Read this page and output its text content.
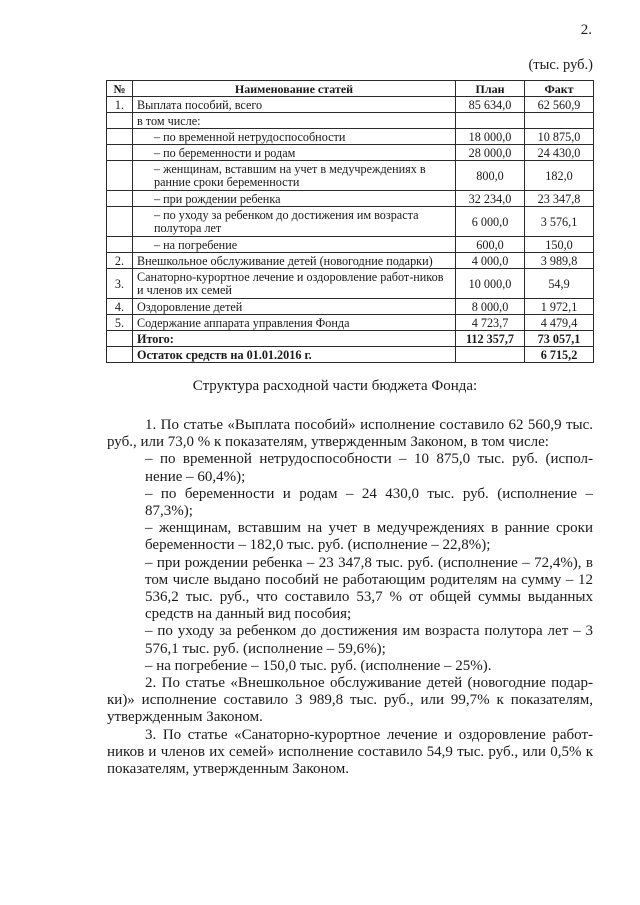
2.
(тыс. руб.)
№	Наименование статей	План	Факт
1.	Выплата пособий, всего	85 634,0	62 560,9
	в том числе:		
	– по временной нетрудоспособности	18 000,0	10 875,0
	– по беременности и родам	28 000,0	24 430,0
	– женщинам, вставшим на учет в медучреждениях в ранние сроки беременности	800,0	182,0
	– при рождении ребенка	32 234,0	23 347,8
	– по уходу за ребенком до достижения им возраста полутора лет	6 000,0	3 576,1
	– на погребение	600,0	150,0
2.	Внешкольное обслуживание детей (новогодние подарки)	4 000,0	3 989,8
3.	Санаторно-курортное лечение и оздоровление работ-ников и членов их семей	10 000,0	54,9
4.	Оздоровление детей	8 000,0	1 972,1
5.	Содержание аппарата управления Фонда	4 723,7	4 479,4
	Итого:	112 357,7	73 057,1
	Остаток средств на 01.01.2016 г.		6 715,2
Структура расходной части бюджета Фонда:

1. По статье «Выплата пособий» исполнение составило 62 560,9 тыс. руб., или 73,0 % к показателям, утвержденным Законом, в том числе:

– по временной нетрудоспособности – 10 875,0 тыс. руб. (испол-нение – 60,4%);

– по беременности и родам – 24 430,0 тыс. руб. (исполнение – 87,3%);

– женщинам, вставшим на учет в медучреждениях в ранние сроки беременности – 182,0 тыс. руб. (исполнение – 22,8%);

– при рождении ребенка – 23 347,8 тыс. руб. (исполнение – 72,4%), в том числе выдано пособий не работающим родителям на сумму – 12 536,2 тыс. руб., что составило 53,7 % от общей суммы выданных средств на данный вид пособия;

– по уходу за ребенком до достижения им возраста полутора лет – 3 576,1 тыс. руб. (исполнение – 59,6%);

– на погребение – 150,0 тыс. руб. (исполнение – 25%).

2. По статье «Внешкольное обслуживание детей (новогодние подар-ки)» исполнение составило 3 989,8 тыс. руб., или 99,7% к показателям, утвержденным Законом.

3. По статье «Санаторно-курортное лечение и оздоровление работ-ников и членов их семей» исполнение составило 54,9 тыс. руб., или 0,5% к показателям, утвержденным Законом.
